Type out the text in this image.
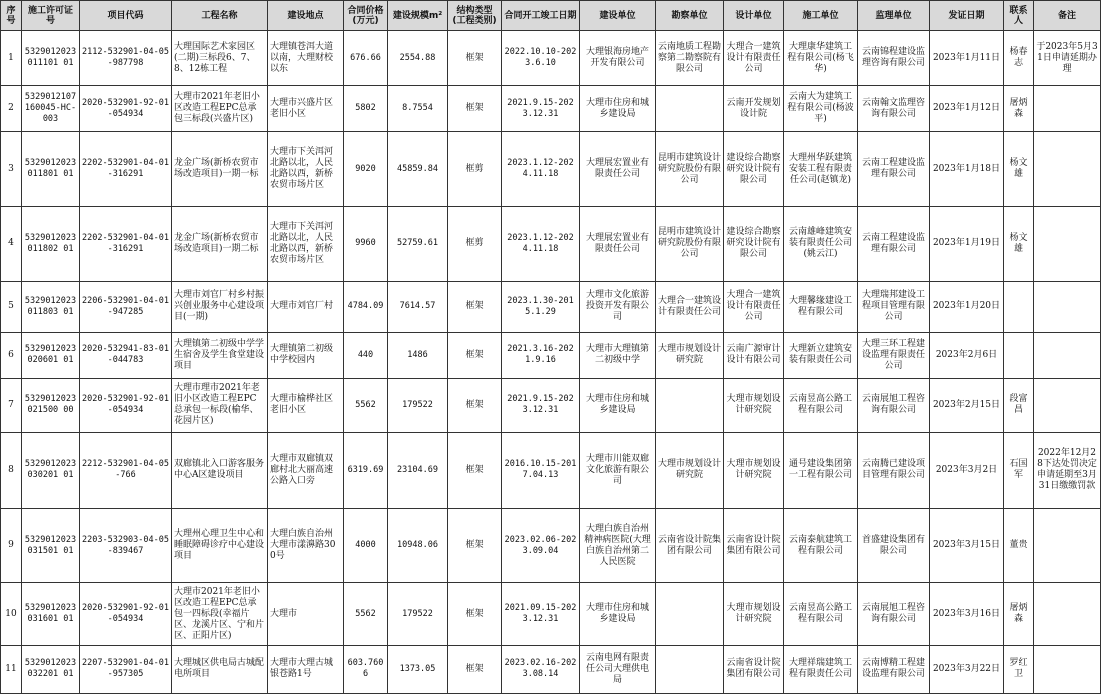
序号	施工许可证号	项目代码	工程名称	建设地点	合同价格(万元)	建设规模m²	结构类型(工程类别)	合同开工竣工日期	建设单位	勘察单位	设计单位	施工单位	监理单位	发证日期	联系人	备注
1	5329012023011101 01	2112-532901-04-05-987798	大理国际艺术家园区(二期)三标段6、7、8、12栋工程	大理镇苍洱大道以南，大理财校以东	676.66	2554.88	框架	2022.10.10-2023.6.10	大理银海房地产开发有限公司	云南地质工程勘察第二勘察院有限公司	大理合一建筑设计有限责任公司	大理康华建筑工程有限公司(杨飞华)	云南锦程建设监理咨询有限公司	2023年1月11日	杨春志	于2023年5月31日申请延期办理
2	5329012107160045-HC-003	2020-532901-92-01-054934	大理市2021年老旧小区改造工程EPC总承包三标段(兴盛片区)	大理市兴盛片区老旧小区	5802	8.7554	框架	2021.9.15-2023.12.31	大理市住房和城乡建设局		云南开发规划设计院	云南大为建筑工程有限公司(杨波平)	云南翰文监理咨询有限公司	2023年1月12日	屠炳森	
3	5329012023011801 01	2202-532901-04-01-316291	龙金广场(新桥农贸市场改造项目)一期一标	大理市下关洱河北路以北，人民北路以西，新桥农贸市场片区	9020	45859.84	框剪	2023.1.12-2024.11.18	大理展宏置业有限责任公司	昆明市建筑设计研究院股份有限公司	建设综合勘察研究设计院有限公司	大理州华跃建筑安装工程有限责任公司(赵镇龙)	云南工程建设监理有限公司	2023年1月18日	杨文雄	
4	5329012023011802 01	2202-532901-04-01-316291	龙金广场(新桥农贸市场改造项目)一期二标	大理市下关洱河北路以北，人民北路以西，新桥农贸市场片区	9960	52759.61	框剪	2023.1.12-2024.11.18	大理展宏置业有限责任公司	昆明市建筑设计研究院股份有限公司	建设综合勘察研究设计院有限公司	云南雄峰建筑安装有限责任公司(姚云江)	云南工程建设监理有限公司	2023年1月19日	杨文雄	
5	5329012023011803 01	2206-532901-04-01-947285	大理市刘官厂村乡村振兴创业服务中心建设项目(一期)	大理市刘官厂村	4784.09	7614.57	框架	2023.1.30-2015.1.29	大理市文化旅游投资开发有限公司	大理合一建筑设计有限责任公司	大理合一建筑设计有限责任公司	大理馨缘建设工程有限公司	大理瑞邦建设工程项目管理有限公司	2023年1月20日		
6	5329012023020601 01	2020-532941-83-01-044783	大理镇第二初级中学学生宿舍及学生食堂建设项目	大理镇第二初级中学校园内	440	1486	框架	2021.3.16-2021.9.16	大理市大理镇第二初级中学	大理市规划设计研究院	云南广源审计设计有限公司	大理新立建筑安装有限责任公司	大理三环工程建设监理有限责任公司	2023年2月6日		
7	5329012023021500 00	2020-532901-92-01-054934	大理市理市2021年老旧小区改造工程EPC总承包一标段(榆华、花园片区)	大理市榆桦社区老旧小区	5562	179522	框架	2021.9.15-2023.12.31	大理市住房和城乡建设局		大理市规划设计研究院	云南昱高公路工程有限公司	云南展旭工程咨询有限公司	2023年2月15日	段富昌	
8	5329012023030201 01	2212-532901-04-05-766	双廊镇北入口游客服务中心A区建设项目	大理市双廊镇双廊村北大丽高速公路入口旁	6319.69	23104.69	框架	2016.10.15-2017.04.13	大理市川能双廊文化旅游有限公司	大理市规划设计研究院	大理市规划设计研究院	通号建设集团第一工程有限公司	云南腾已建设项目管理有限公司	2023年3月2日	石国军	2022年12月28下达处罚决定申请延期至3月31日缴缴罚款
9	5329012023031501 01	2203-532903-04-05-839467	大理州心理卫生中心和睡眠障碍诊疗中心建设项目	大理白族自治州大理市漾濞路300号	4000	10948.06	框架	2023.02.06-2023.09.04	大理白族自治州精神病医院(大理白族自治州第二人民医院	云南省设计院集团有限公司	云南省设计院集团有限公司	云南泰航建筑工程有限公司	首盛建设集团有限公司	2023年3月15日	董贵	
10	5329012023031601 01	2020-532901-92-01-054934	大理市2021年老旧小区改造工程EPC总承包一四标段(幸福片区、龙溪片区、宁和片区、正阳片区)	大理市	5562	179522	框架	2021.09.15-2023.12.31	大理市住房和城乡建设局		大理市规划设计研究院	云南昱高公路工程有限公司	云南展旭工程咨询有限公司	2023年3月16日	屠炳森	
11	5329012023032201 01	2207-532901-04-01-957305	大理城区供电局古城配电所项目	大理市大理古城银苍路1号	603.7606	1373.05	框架	2023.02.16-2023.08.14	云南电网有限责任公司大理供电局		云南省设计院集团有限公司	大理祥瑞建筑工程有限责任公司	云南博精工程建设监理有限公司	2023年3月22日	罗红卫	
